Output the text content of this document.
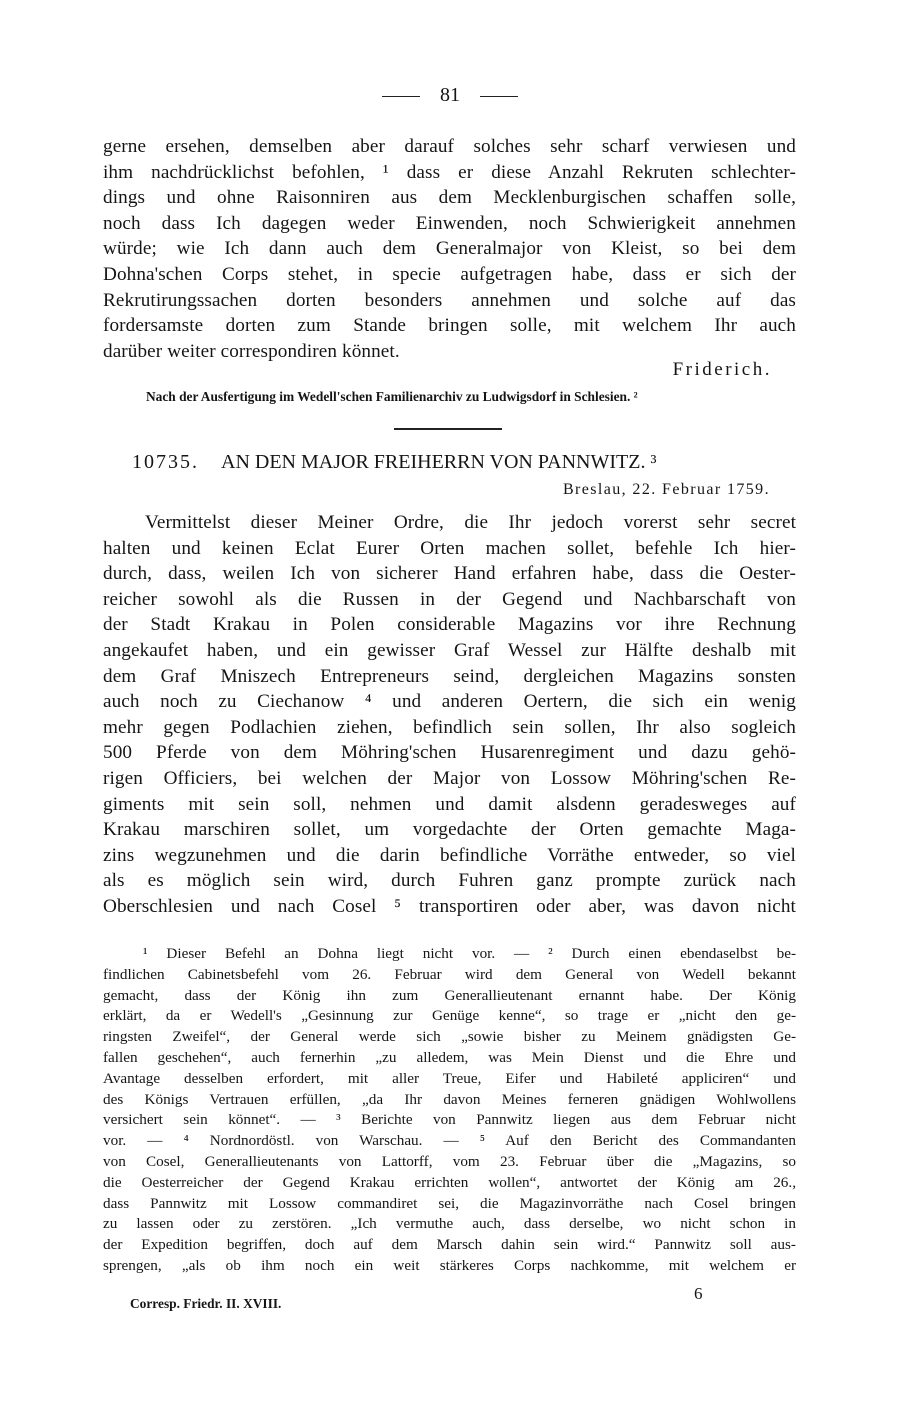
81
gerne ersehen, demselben aber darauf solches sehr scharf verwiesen und
ihm nachdrücklichst befohlen, ¹ dass er diese Anzahl Rekruten schlechter-
dings und ohne Raisonniren aus dem Mecklenburgischen schaffen solle,
noch dass Ich dagegen weder Einwenden, noch Schwierigkeit annehmen
würde; wie Ich dann auch dem Generalmajor von Kleist, so bei dem
Dohna'schen Corps stehet, in specie aufgetragen habe, dass er sich der
Rekrutirungssachen dorten besonders annehmen und solche auf das
fordersamste dorten zum Stande bringen solle, mit welchem Ihr auch
darüber weiter correspondiren könnet.
Friderich.
Nach der Ausfertigung im Wedell'schen Familienarchiv zu Ludwigsdorf in Schlesien. ²
10735. AN DEN MAJOR FREIHERRN VON PANNWITZ. ³
Breslau, 22. Februar 1759.
Vermittelst dieser Meiner Ordre, die Ihr jedoch vorerst sehr secret
halten und keinen Eclat Eurer Orten machen sollet, befehle Ich hier-
durch, dass, weilen Ich von sicherer Hand erfahren habe, dass die Oester-
reicher sowohl als die Russen in der Gegend und Nachbarschaft von
der Stadt Krakau in Polen considerable Magazins vor ihre Rechnung
angekaufet haben, und ein gewisser Graf Wessel zur Hälfte deshalb mit
dem Graf Mniszech Entrepreneurs seind, dergleichen Magazins sonsten
auch noch zu Ciechanow ⁴ und anderen Oertern, die sich ein wenig
mehr gegen Podlachien ziehen, befindlich sein sollen, Ihr also sogleich
500 Pferde von dem Möhring'schen Husarenregiment und dazu gehö-
rigen Officiers, bei welchen der Major von Lossow Möhring'schen Re-
giments mit sein soll, nehmen und damit alsdenn geradesweges auf
Krakau marschiren sollet, um vorgedachte der Orten gemachte Maga-
zins wegzunehmen und die darin befindliche Vorräthe entweder, so viel
als es möglich sein wird, durch Fuhren ganz prompte zurück nach
Oberschlesien und nach Cosel ⁵ transportiren oder aber, was davon nicht
¹ Dieser Befehl an Dohna liegt nicht vor. — ² Durch einen ebendaselbst be-
findlichen Cabinetsbefehl vom 26. Februar wird dem General von Wedell bekannt
gemacht, dass der König ihn zum Generallieutenant ernannt habe. Der König
erklärt, da er Wedell's „Gesinnung zur Genüge kenne“, so trage er „nicht den ge-
ringsten Zweifel“, der General werde sich „sowie bisher zu Meinem gnädigsten Ge-
fallen geschehen“, auch fernerhin „zu alledem, was Mein Dienst und die Ehre und
Avantage desselben erfordert, mit aller Treue, Eifer und Habileté appliciren“ und
des Königs Vertrauen erfüllen, „da Ihr davon Meines ferneren gnädigen Wohlwollens
versichert sein könnet“. — ³ Berichte von Pannwitz liegen aus dem Februar nicht
vor. — ⁴ Nordnordöstl. von Warschau. — ⁵ Auf den Bericht des Commandanten
von Cosel, Generallieutenants von Lattorff, vom 23. Februar über die „Magazins, so
die Oesterreicher der Gegend Krakau errichten wollen“, antwortet der König am 26.,
dass Pannwitz mit Lossow commandiret sei, die Magazinvorräthe nach Cosel bringen
zu lassen oder zu zerstören. „Ich vermuthe auch, dass derselbe, wo nicht schon in
der Expedition begriffen, doch auf dem Marsch dahin sein wird.“ Pannwitz soll aus-
sprengen, „als ob ihm noch ein weit stärkeres Corps nachkomme, mit welchem er
Corresp. Friedr. II. XVIII.
6
